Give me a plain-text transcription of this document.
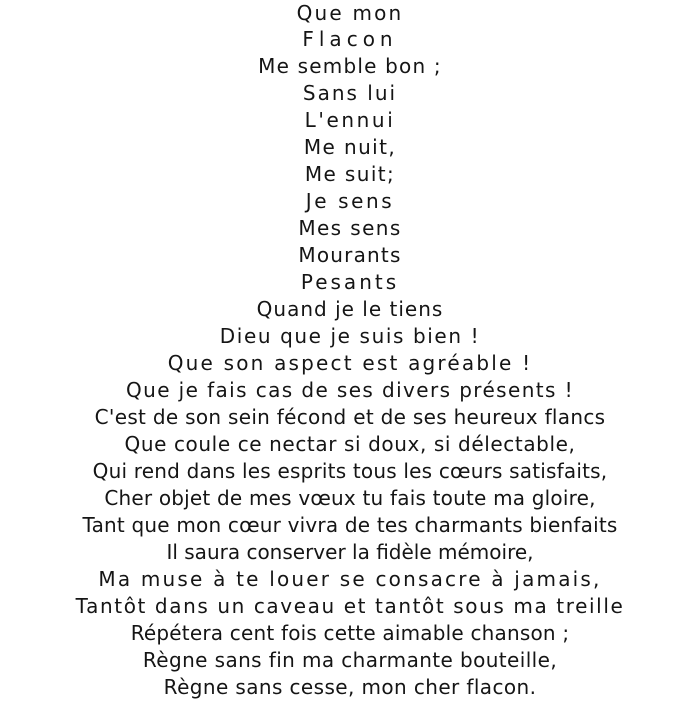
Que mon
Flacon
Me semble bon ;
Sans lui
L'ennui
Me nuit,
Me suit;
Je sens
Mes sens
Mourants
Pesants
Quand je le tiens
Dieu que je suis bien !
Que son aspect est agréable !
Que je fais cas de ses divers présents !
C'est de son sein fécond et de ses heureux flancs
Que coule ce nectar si doux, si délectable,
Qui rend dans les esprits tous les cœurs satisfaits,
Cher objet de mes vœux tu fais toute ma gloire,
Tant que mon cœur vivra de tes charmants bienfaits
Il saura conserver la fidèle mémoire,
Ma muse à te louer se consacre à jamais,
Tantôt dans un caveau et tantôt sous ma treille
Répétera cent fois cette aimable chanson ;
Règne sans fin ma charmante bouteille,
Règne sans cesse, mon cher flacon.
